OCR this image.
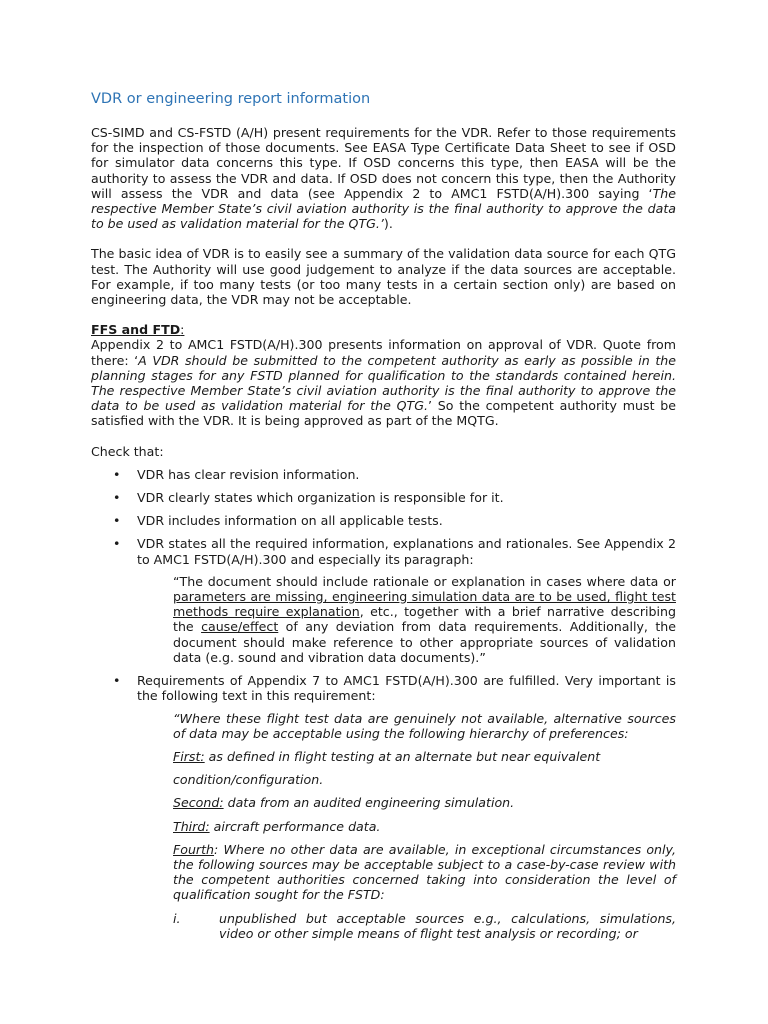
VDR or engineering report information

CS-SIMD and CS-FSTD (A/H) present requirements for the VDR. Refer to those requirements for the inspection of those documents. See EASA Type Certificate Data Sheet to see if OSD for simulator data concerns this type. If OSD concerns this type, then EASA will be the authority to assess the VDR and data. If OSD does not concern this type, then the Authority will assess the VDR and data (see Appendix 2 to AMC1 FSTD(A/H).300 saying ‘The respective Member State’s civil aviation authority is the final authority to approve the data to be used as validation material for the QTG.’).

The basic idea of VDR is to easily see a summary of the validation data source for each QTG test. The Authority will use good judgement to analyze if the data sources are acceptable. For example, if too many tests (or too many tests in a certain section only) are based on engineering data, the VDR may not be acceptable.

FFS and FTD:

Appendix 2 to AMC1 FSTD(A/H).300 presents information on approval of VDR. Quote from there: ‘A VDR should be submitted to the competent authority as early as possible in the planning stages for any FSTD planned for qualification to the standards contained herein. The respective Member State’s civil aviation authority is the final authority to approve the data to be used as validation material for the QTG.’ So the competent authority must be satisfied with the VDR. It is being approved as part of the MQTG.

Check that:

• VDR has clear revision information.
• VDR clearly states which organization is responsible for it.
• VDR includes information on all applicable tests.
• VDR states all the required information, explanations and rationales. See Appendix 2 to AMC1 FSTD(A/H).300 and especially its paragraph:

“The document should include rationale or explanation in cases where data or parameters are missing, engineering simulation data are to be used, flight test methods require explanation, etc., together with a brief narrative describing the cause/effect of any deviation from data requirements. Additionally, the document should make reference to other appropriate sources of validation data (e.g. sound and vibration data documents).”

• Requirements of Appendix 7 to AMC1 FSTD(A/H).300 are fulfilled. Very important is the following text in this requirement:

“Where these flight test data are genuinely not available, alternative sources of data may be acceptable using the following hierarchy of preferences:

First: as defined in flight testing at an alternate but near equivalent

condition/configuration.

Second: data from an audited engineering simulation.

Third: aircraft performance data.

Fourth: Where no other data are available, in exceptional circumstances only, the following sources may be acceptable subject to a case-by-case review with the competent authorities concerned taking into consideration the level of qualification sought for the FSTD:

i.	unpublished but acceptable sources e.g., calculations, simulations, video or other simple means of flight test analysis or recording; or
